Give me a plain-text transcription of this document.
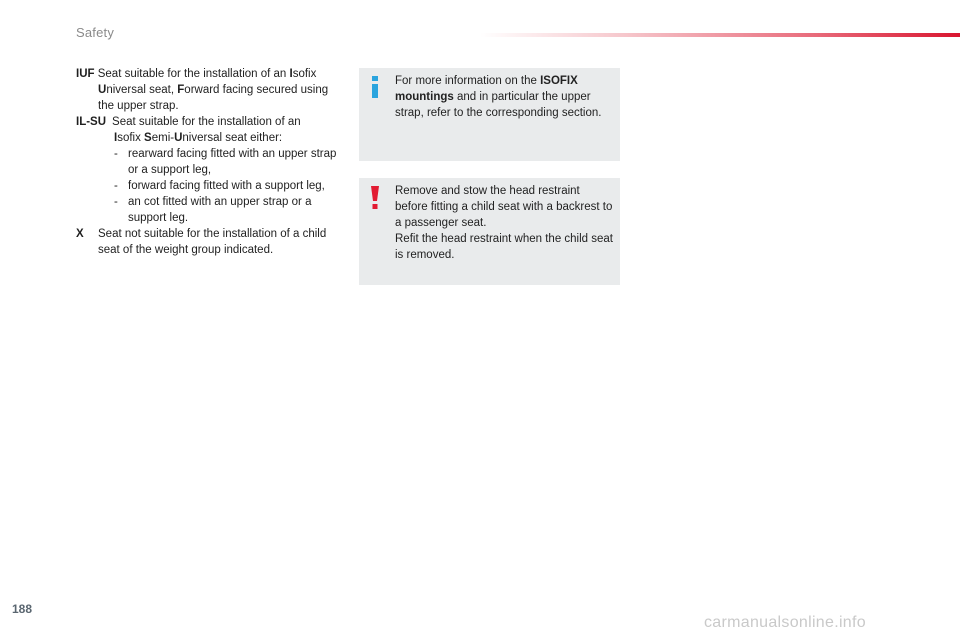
Safety
IUF Seat suitable for the installation of an Isofix Universal seat, Forward facing secured using the upper strap.
IL-SU Seat suitable for the installation of an
Isofix Semi-Universal seat either:
- rearward facing fitted with an upper strap or a support leg,
- forward facing fitted with a support leg,
- an cot fitted with an upper strap or a support leg.
X Seat not suitable for the installation of a child seat of the weight group indicated.
For more information on the ISOFIX mountings and in particular the upper strap, refer to the corresponding section.
Remove and stow the head restraint before fitting a child seat with a backrest to a passenger seat.
Refit the head restraint when the child seat is removed.
188
carmanualsonline.info
